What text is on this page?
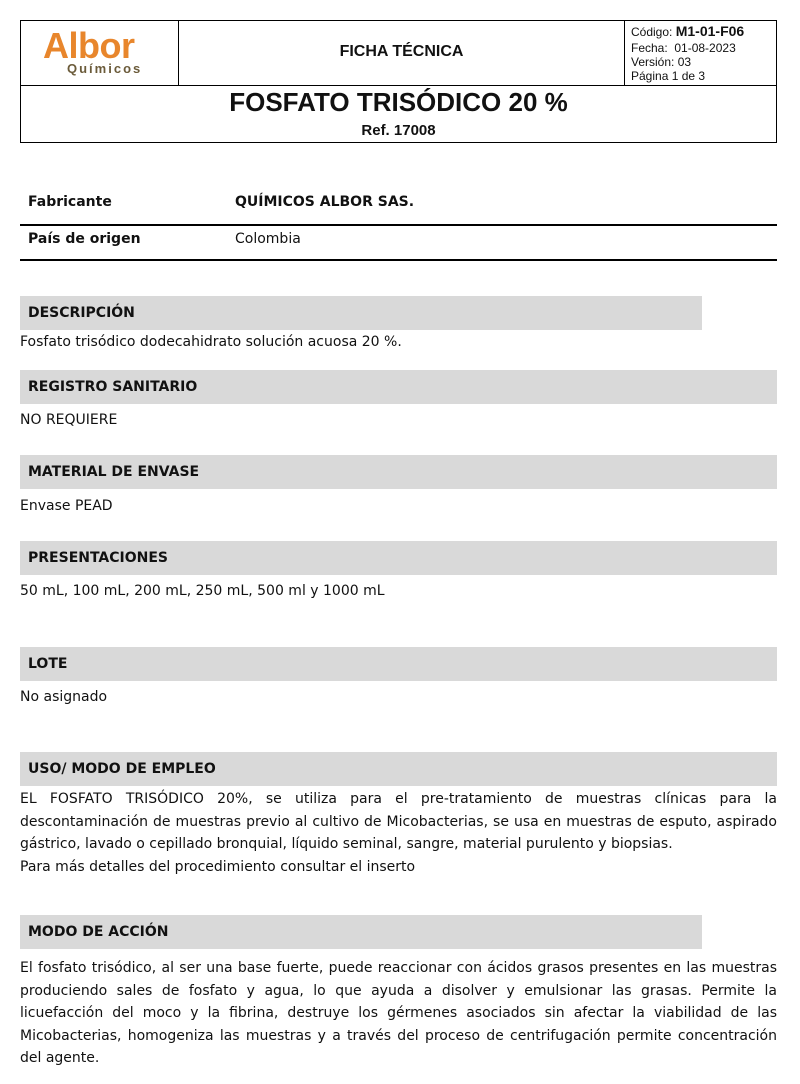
Albor
Químicos
FICHA TÉCNICA
Código: M1-01-F06
Fecha: 01-08-2023
Versión: 03
Página 1 de 3
FOSFATO TRISÓDICO 20 %
Ref. 17008
Fabricante	QUÍMICOS ALBOR SAS.
País de origen	Colombia
DESCRIPCIÓN
Fosfato trisódico dodecahidrato solución acuosa 20 %.
REGISTRO SANITARIO
NO REQUIERE
MATERIAL DE ENVASE
Envase PEAD
PRESENTACIONES
50 mL, 100 mL, 200 mL, 250 mL, 500 ml y 1000 mL
LOTE
No asignado
USO/ MODO DE EMPLEO

EL FOSFATO TRISÓDICO 20%, se utiliza para el pre-tratamiento de muestras clínicas para la descontaminación de muestras previo al cultivo de Micobacterias, se usa en muestras de esputo, aspirado gástrico, lavado o cepillado bronquial, líquido seminal, sangre, material purulento y biopsias.

Para más detalles del procedimiento consultar el inserto

MODO DE ACCIÓN
El fosfato trisódico, al ser una base fuerte, puede reaccionar con ácidos grasos presentes en las muestras produciendo sales de fosfato y agua, lo que ayuda a disolver y emulsionar las grasas. Permite la licuefacción del moco y la fibrina, destruye los gérmenes asociados sin afectar la viabilidad de las Micobacterias, homogeniza las muestras y a través del proceso de centrifugación permite concentración del agente.
